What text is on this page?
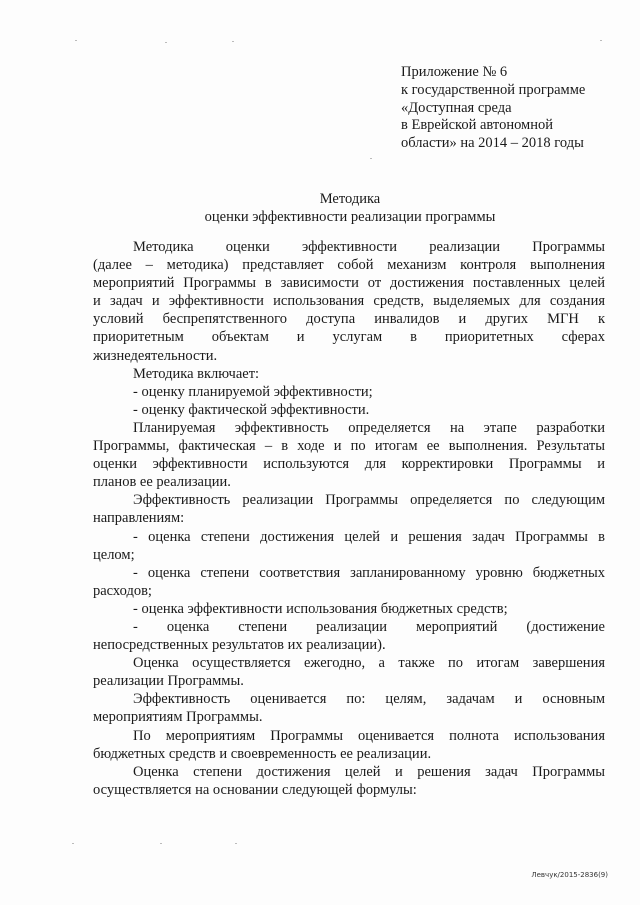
Приложение № 6
к государственной программе
«Доступная среда
в Еврейской автономной
области» на 2014 – 2018 годы
Методика
оценки эффективности реализации программы
Методика оценки эффективности реализации Программы
(далее – методика) представляет собой механизм контроля выполнения
мероприятий Программы в зависимости от достижения поставленных целей
и задач и эффективности использования средств, выделяемых для создания
условий беспрепятственного доступа инвалидов и других МГН к
приоритетным объектам и услугам в приоритетных сферах
жизнедеятельности.
Методика включает:
- оценку планируемой эффективности;
- оценку фактической эффективности.
Планируемая эффективность определяется на этапе разработки
Программы, фактическая – в ходе и по итогам ее выполнения. Результаты
оценки эффективности используются для корректировки Программы и
планов ее реализации.
Эффективность реализации Программы определяется по следующим
направлениям:
- оценка степени достижения целей и решения задач Программы в
целом;
- оценка степени соответствия запланированному уровню бюджетных
расходов;
- оценка эффективности использования бюджетных средств;
- оценка степени реализации мероприятий (достижение
непосредственных результатов их реализации).
Оценка осуществляется ежегодно, а также по итогам завершения
реализации Программы.
Эффективность оценивается по: целям, задачам и основным
мероприятиям Программы.
По мероприятиям Программы оценивается полнота использования
бюджетных средств и своевременность ее реализации.
Оценка степени достижения целей и решения задач Программы
осуществляется на основании следующей формулы:
Левчук/2015-2836(9)
